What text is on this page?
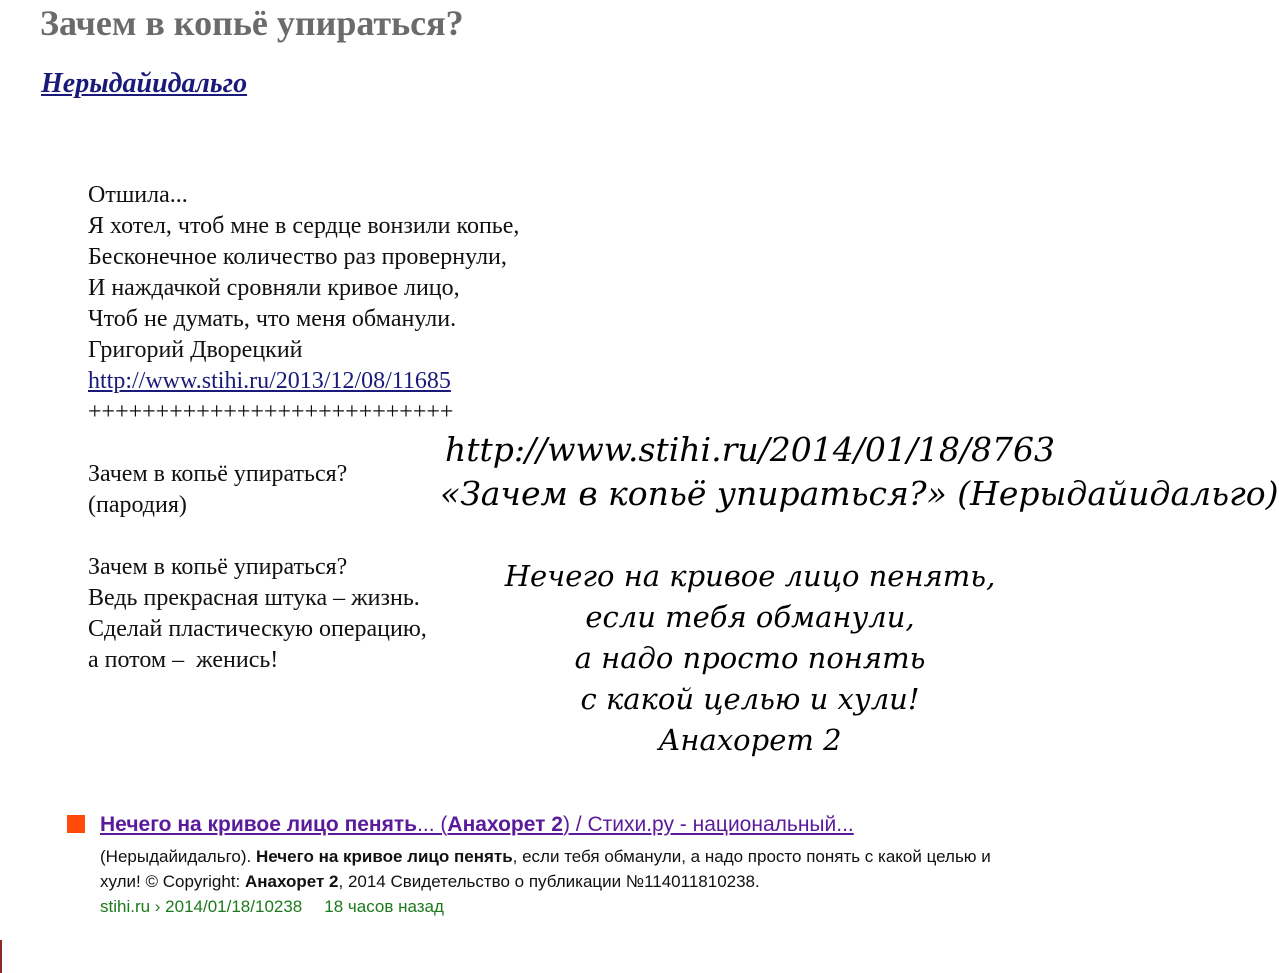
Зачем в копьё упираться?
Нерыдайидальго
Отшила...
Я хотел, чтоб мне в сердце вонзили копье,
Бесконечное количество раз провернули,
И наждачкой сровняли кривое лицо,
Чтоб не думать, что меня обманули.
Григорий Дворецкий
http://www.stihi.ru/2013/12/08/11685
+++++++++++++++++++++++++++
Зачем в копьё упираться?
(пародия)
Зачем в копьё упираться?
Ведь прекрасная штука – жизнь.
Сделай пластическую операцию,
а потом –  женись!
http://www.stihi.ru/2014/01/18/8763
«Зачем в копьё упираться?» (Нерыдайидальго)
Нечего на кривое лицо пенять,
если тебя обманули,
а надо просто понять
с какой целью и хули!
Анахорет 2
Нечего на кривое лицо пенять... (Анахорет 2) / Стихи.ру - национальный...
(Нерыдайидальго). Нечего на кривое лицо пенять, если тебя обманули, а надо просто понять с какой целью и хули! © Copyright: Анахорет 2, 2014 Свидетельство о публикации №114011810238.
stihi.ru › 2014/01/18/10238 18 часов назад
